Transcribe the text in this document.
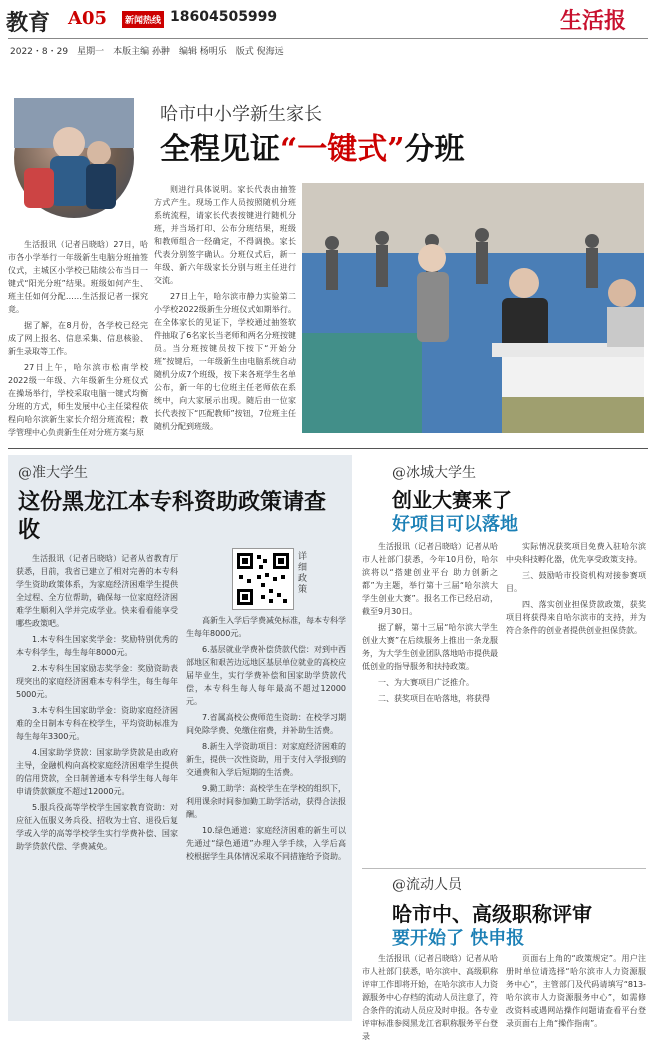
教育 A05	新闻热线 18604505999	生活报
2022・8・29　星期一　本版主编 孙翀　编辑 杨明乐　版式 倪海远
哈市中小学新生家长
全程见证“一键式”分班

生活报讯（记者吕晓晗）27日，哈市各小学举行一年级新生电脑分班抽签仪式，主城区小学校已陆续公布当日一键式“阳光分班”结果。班级如何产生、班主任如何分配……生活报记者一探究竟。

据了解，在8月份，各学校已经完成了网上报名、信息采集、信息核验、新生录取等工作。

27日上午，哈尔滨市松南学校2022级一年级、六年级新生分班仪式在操场举行，学校采取电脑一键式均衡分班的方式，师生发展中心主任梁程依程向哈尔滨新生家长介绍分班流程；教学管理中心负责新生任对分班方案与原

则进行具体说明。家长代表由抽签方式产生。现场工作人员按照随机分班系统流程，请家长代表按键进行随机分班，并当场打印、公布分班结果，班级和教师组合一经确定，不得调换。家长代表分别签字确认。分班仪式后，新一年级、新六年级家长分别与班主任进行交流。

27日上午，哈尔滨市静力实验第二小学校2022级新生分班仪式如期举行。在全体家长的见证下，学校通过抽签软件抽取了6名家长当老师和两名分班按键员。当分班按键员按下按下“开始分班”按键后，一年级新生由电脑系统自动随机分成7个班级，按下来各班学生名单公布，新一年的七位班主任老师依在系统中，向大家展示出现。随后由一位家长代表按下“匹配教师”按钮，7位班主任随机分配到班级。

@准大学生
这份黑龙江本专科资助政策请查收

生活报讯（记者吕晓晗）记者从省教育厅获悉，目前，我省已建立了相对完善的本专科学生资助政策体系，为家庭经济困难学生提供全过程、全方位帮助，确保每一位家庭经济困难学生顺利入学并完成学业。快来看看能享受哪些政策吧。

1.本专科生国家奖学金：奖励特别优秀的本专科学生，每生每年8000元。

2.本专科生国家励志奖学金：奖励资助表现突出的家庭经济困难本专科学生，每生每年5000元。

3.本专科生国家助学金：资助家庭经济困难的全日制本专科在校学生，平均资助标准为每生每年3300元。

4.国家助学贷款：国家助学贷款是由政府主导，金融机构向高校家庭经济困难学生提供的信用贷款，全日制普通本专科学生每人每年申请贷款额度不超过12000元。

5.服兵役高等学校学生国家教育资助：对应征入伍服义务兵役、招收为士官、退役后复学或入学的高等学校学生实行学费补偿、国家助学贷款代偿、学费减免。

详细政策

高新生入学后学费减免标准，每本专科学生每年8000元。

6.基层就业学费补偿贷款代偿：对到中西部地区和艰苦边远地区基层单位就业的高校应届毕业生，实行学费补偿和国家助学贷款代偿，本专科生每人每年最高不超过12000元。

7.省属高校公费师范生资助：在校学习期间免除学费、免缴住宿费，并补助生活费。

8.新生入学资助项目：对家庭经济困难的新生，提供一次性资助，用于支付入学报到的交通费和入学后短期的生活费。

9.勤工助学：高校学生在学校的组织下，利用课余时间参加勤工助学活动，获得合法报酬。

10.绿色通道：家庭经济困难的新生可以先通过“绿色通道”办理入学手续，入学后高校根据学生具体情况采取不同措施给予资助。

@冰城大学生
创业大赛来了
好项目可以落地

生活报讯（记者吕晓晗）记者从哈市人社部门获悉，今年10月份，哈尔滨将以“搭建创业平台 助力创新之都”为主题，举行第十三届“哈尔滨大学生创业大赛”。报名工作已经启动，截至9月30日。

据了解，第十三届“哈尔滨大学生创业大赛”在后续服务上推出一条龙服务，为大学生创业团队落地哈市提供最低创业的指导服务和扶持政策。

一、为大赛项目广泛推介。

二、获奖项目在哈落地，将获得

实际情况获奖项目免费入驻哈尔滨中央科技孵化器，优先享受政策支持。

三、鼓励哈市投资机构对接参赛项目。

四、落实创业担保贷款政策，获奖项目将获得来自哈尔滨市的支持，并为符合条件的创业者提供创业担保贷款。

@流动人员
哈市中、高级职称评审
要开始了 快申报

生活报讯（记者吕晓晗）记者从哈市人社部门获悉，哈尔滨中、高级职称评审工作即将开始，在哈尔滨市人力资源服务中心存档的流动人员注意了，符合条件的流动人员应及时申报。各专业评审标准参阅黑龙江省职称服务平台登录

页面右上角的“政策规定”。用户注册时单位请选择“哈尔滨市人力资源服务中心”，主管部门及代码请填写“813-哈尔滨市人力资源服务中心”，如需修改资料或遇网站操作问题请查看平台登录页面右上角“操作指南”。
